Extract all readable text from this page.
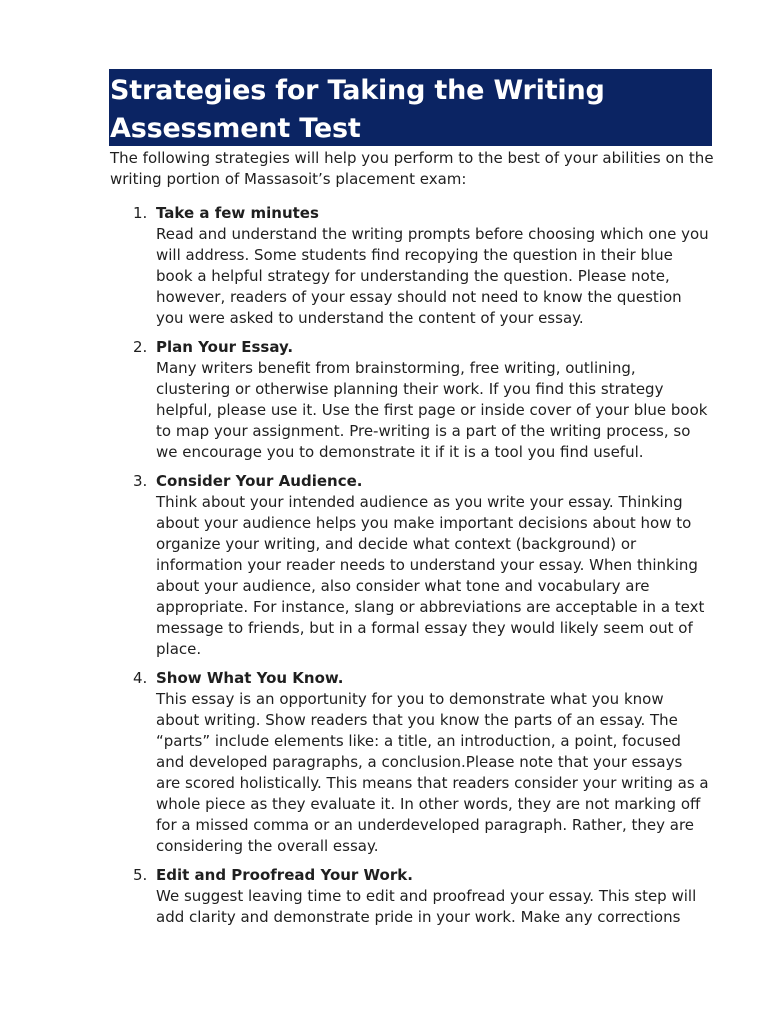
Strategies for Taking the Writing Assessment Test

The following strategies will help you perform to the best of your abilities on the writing portion of Massasoit’s placement exam:

1. Take a few minutes
Read and understand the writing prompts before choosing which one you will address. Some students find recopying the question in their blue book a helpful strategy for understanding the question. Please note, however, readers of your essay should not need to know the question you were asked to understand the content of your essay.
2. Plan Your Essay.
Many writers benefit from brainstorming, free writing, outlining, clustering or otherwise planning their work. If you find this strategy helpful, please use it. Use the first page or inside cover of your blue book to map your assignment. Pre-writing is a part of the writing process, so we encourage you to demonstrate it if it is a tool you find useful.
3. Consider Your Audience.
Think about your intended audience as you write your essay. Thinking about your audience helps you make important decisions about how to organize your writing, and decide what context (background) or information your reader needs to understand your essay. When thinking about your audience, also consider what tone and vocabulary are appropriate. For instance, slang or abbreviations are acceptable in a text message to friends, but in a formal essay they would likely seem out of place.
4. Show What You Know.
This essay is an opportunity for you to demonstrate what you know about writing. Show readers that you know the parts of an essay. The “parts” include elements like: a title, an introduction, a point, focused and developed paragraphs, a conclusion.Please note that your essays are scored holistically. This means that readers consider your writing as a whole piece as they evaluate it. In other words, they are not marking off for a missed comma or an underdeveloped paragraph. Rather, they are considering the overall essay.
5. Edit and Proofread Your Work.
We suggest leaving time to edit and proofread your essay. This step will add clarity and demonstrate pride in your work. Make any corrections
